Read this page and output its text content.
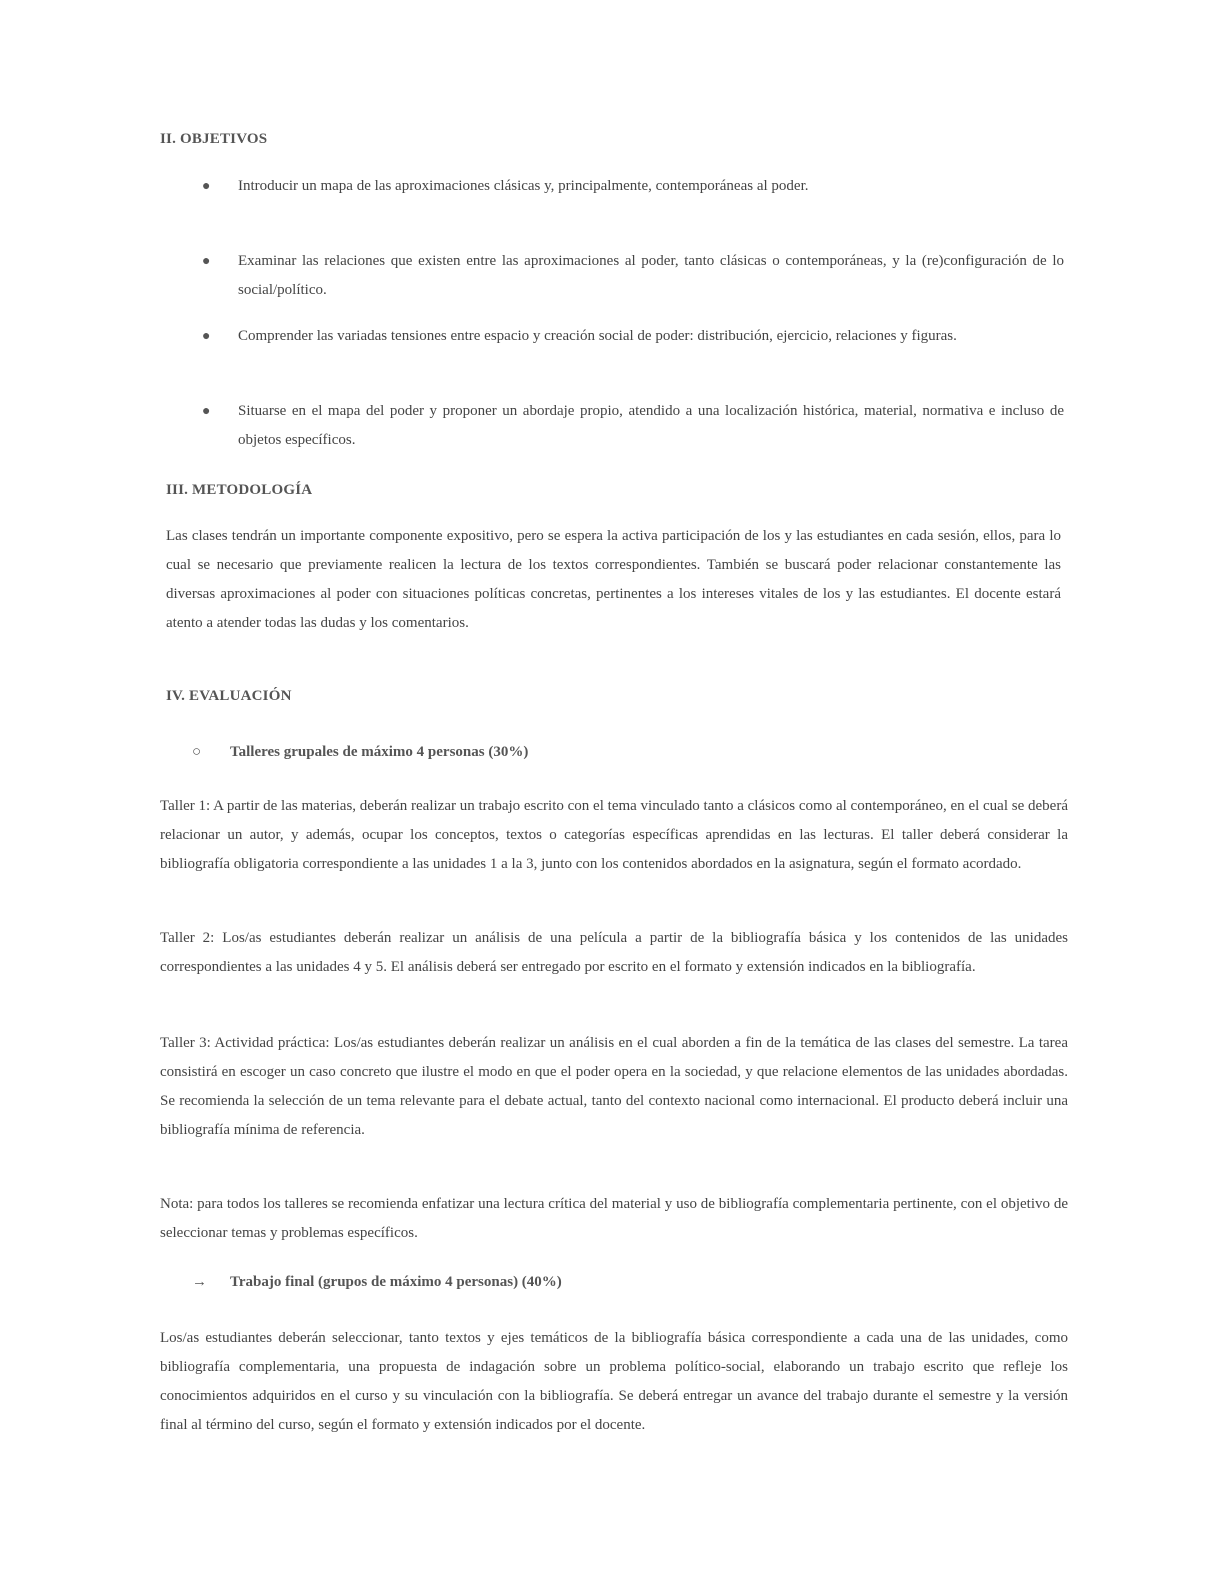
II. OBJETIVOS
● Introducir un mapa de las aproximaciones clásicas y, principalmente, contemporáneas al poder.
● Examinar las relaciones que existen entre las aproximaciones al poder, tanto clásicas o contemporáneas, y la (re)configuración de lo social/político.
● Comprender las variadas tensiones entre espacio y creación social de poder: distribución, ejercicio, relaciones y figuras.
● Situarse en el mapa del poder y proponer un abordaje propio, atendido a una localización histórica, material, normativa e incluso de objetos específicos.
III. METODOLOGÍA

Las clases tendrán un importante componente expositivo, pero se espera la activa participación de los y las estudiantes en cada sesión, ellos, para lo cual se necesario que previamente realicen la lectura de los textos correspondientes. También se buscará poder relacionar constantemente las diversas aproximaciones al poder con situaciones políticas concretas, pertinentes a los intereses vitales de los y las estudiantes. El docente estará atento a atender todas las dudas y los comentarios.

IV. EVALUACIÓN
○ Talleres grupales de máximo 4 personas (30%)

Taller 1: A partir de las materias, deberán realizar un trabajo escrito con el tema vinculado tanto a clásicos como al contemporáneo, en el cual se deberá relacionar un autor, y además, ocupar los conceptos, textos o categorías específicas aprendidas en las lecturas. El taller deberá considerar la bibliografía obligatoria correspondiente a las unidades 1 a la 3, junto con los contenidos abordados en la asignatura, según el formato acordado.

Taller 2: Los/as estudiantes deberán realizar un análisis de una película a partir de la bibliografía básica y los contenidos de las unidades correspondientes a las unidades 4 y 5. El análisis deberá ser entregado por escrito en el formato y extensión indicados en la bibliografía.

Taller 3: Actividad práctica: Los/as estudiantes deberán realizar un análisis en el cual aborden a fin de la temática de las clases del semestre. La tarea consistirá en escoger un caso concreto que ilustre el modo en que el poder opera en la sociedad, y que relacione elementos de las unidades abordadas. Se recomienda la selección de un tema relevante para el debate actual, tanto del contexto nacional como internacional. El producto deberá incluir una bibliografía mínima de referencia.

Nota: para todos los talleres se recomienda enfatizar una lectura crítica del material y uso de bibliografía complementaria pertinente, con el objetivo de seleccionar temas y problemas específicos.

→ Trabajo final (grupos de máximo 4 personas) (40%)

Los/as estudiantes deberán seleccionar, tanto textos y ejes temáticos de la bibliografía básica correspondiente a cada una de las unidades, como bibliografía complementaria, una propuesta de indagación sobre un problema político-social, elaborando un trabajo escrito que refleje los conocimientos adquiridos en el curso y su vinculación con la bibliografía. Se deberá entregar un avance del trabajo durante el semestre y la versión final al término del curso, según el formato y extensión indicados por el docente.
